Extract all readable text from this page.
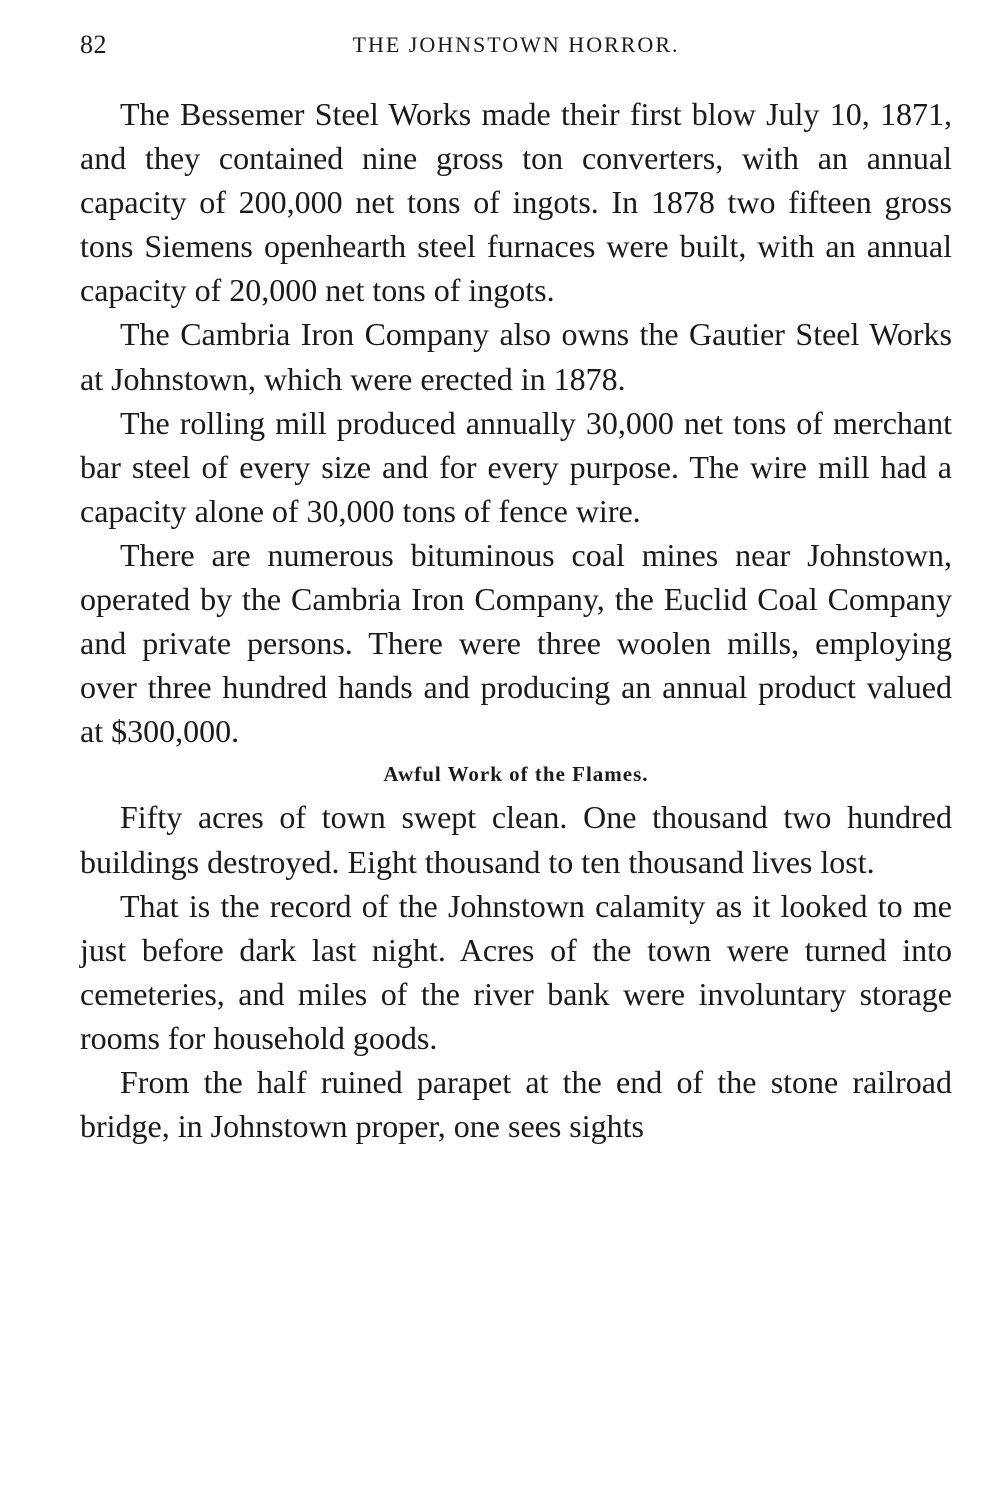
82	THE JOHNSTOWN HORROR.

The Bessemer Steel Works made their first blow July 10, 1871, and they contained nine gross ton converters, with an annual capacity of 200,000 net tons of ingots. In 1878 two fifteen gross tons Siemens openhearth steel furnaces were built, with an annual capacity of 20,000 net tons of ingots.

The Cambria Iron Company also owns the Gautier Steel Works at Johnstown, which were erected in 1878.

The rolling mill produced annually 30,000 net tons of merchant bar steel of every size and for every purpose. The wire mill had a capacity alone of 30,000 tons of fence wire.

There are numerous bituminous coal mines near Johnstown, operated by the Cambria Iron Company, the Euclid Coal Company and private persons. There were three woolen mills, employing over three hundred hands and producing an annual product valued at $300,000.

Awful Work of the Flames.

Fifty acres of town swept clean. One thousand two hundred buildings destroyed. Eight thousand to ten thousand lives lost.

That is the record of the Johnstown calamity as it looked to me just before dark last night. Acres of the town were turned into cemeteries, and miles of the river bank were involuntary storage rooms for household goods.

From the half ruined parapet at the end of the stone railroad bridge, in Johnstown proper, one sees sights
